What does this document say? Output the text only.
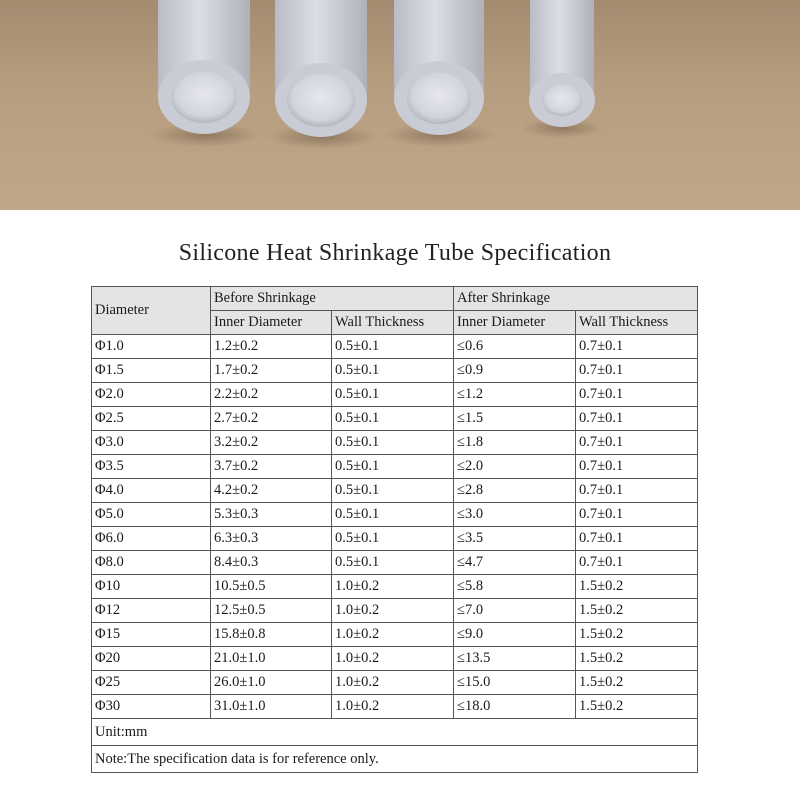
Silicone Heat Shrinkage Tube Specification
Diameter	Before Shrinkage		After Shrinkage	
	Inner Diameter	Wall Thickness	Inner Diameter	Wall Thickness
Φ1.0	1.2±0.2	0.5±0.1	≤0.6	0.7±0.1
Φ1.5	1.7±0.2	0.5±0.1	≤0.9	0.7±0.1
Φ2.0	2.2±0.2	0.5±0.1	≤1.2	0.7±0.1
Φ2.5	2.7±0.2	0.5±0.1	≤1.5	0.7±0.1
Φ3.0	3.2±0.2	0.5±0.1	≤1.8	0.7±0.1
Φ3.5	3.7±0.2	0.5±0.1	≤2.0	0.7±0.1
Φ4.0	4.2±0.2	0.5±0.1	≤2.8	0.7±0.1
Φ5.0	5.3±0.3	0.5±0.1	≤3.0	0.7±0.1
Φ6.0	6.3±0.3	0.5±0.1	≤3.5	0.7±0.1
Φ8.0	8.4±0.3	0.5±0.1	≤4.7	0.7±0.1
Φ10	10.5±0.5	1.0±0.2	≤5.8	1.5±0.2
Φ12	12.5±0.5	1.0±0.2	≤7.0	1.5±0.2
Φ15	15.8±0.8	1.0±0.2	≤9.0	1.5±0.2
Φ20	21.0±1.0	1.0±0.2	≤13.5	1.5±0.2
Φ25	26.0±1.0	1.0±0.2	≤15.0	1.5±0.2
Φ30	31.0±1.0	1.0±0.2	≤18.0	1.5±0.2
Unit:mm				
Note:The specification data is for reference only.				
